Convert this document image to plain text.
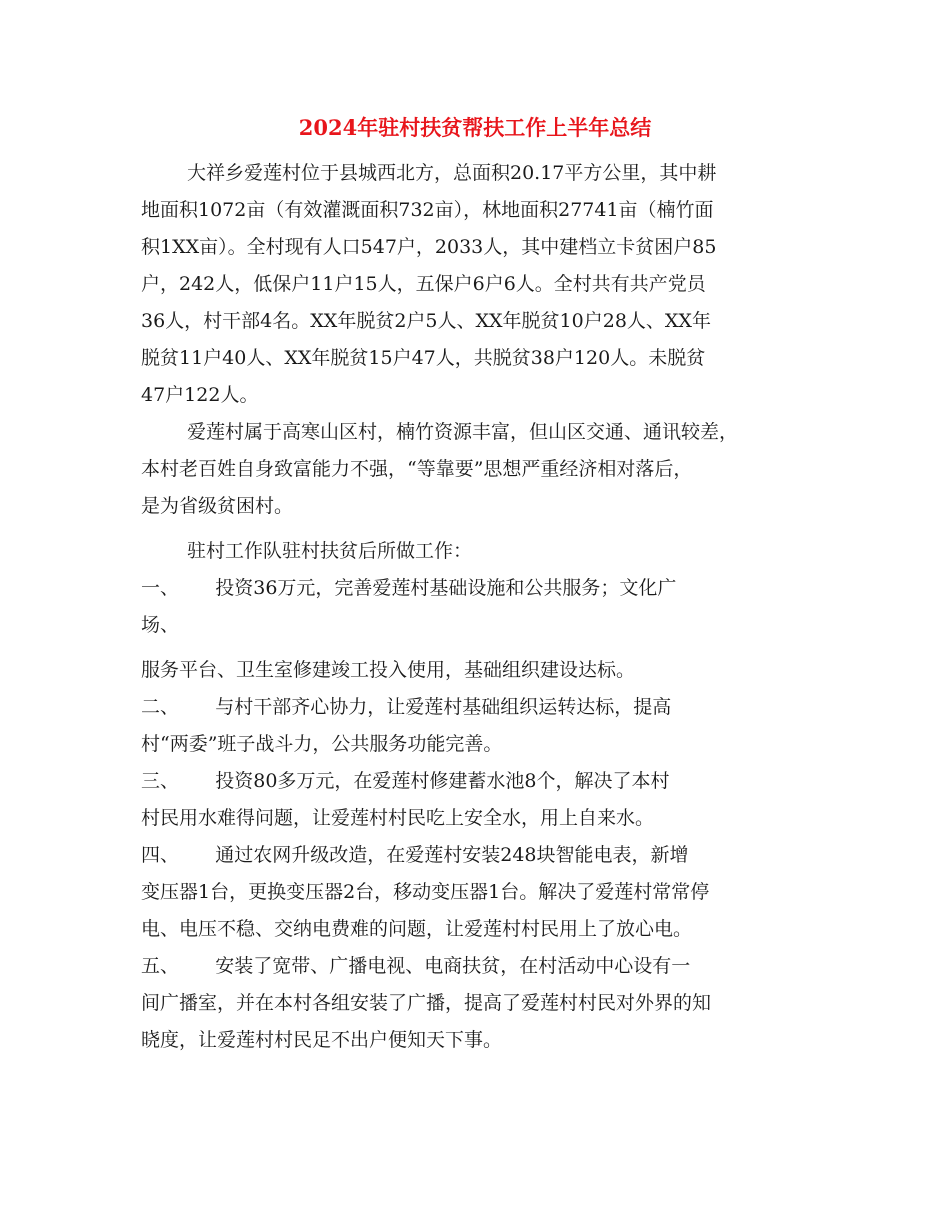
2024年驻村扶贫帮扶工作上半年总结

大祥乡爱莲村位于县城西北方，总面积20.17平方公里，其中耕

地面积1072亩（有效灌溉面积732亩），林地面积27741亩（楠竹面

积1XX亩）。全村现有人口547户，2033人，其中建档立卡贫困户85

户，242人，低保户11户15人，五保户6户6人。全村共有共产党员

36人，村干部4名。XX年脱贫2户5人、XX年脱贫10户28人、XX年

脱贫11户40人、XX年脱贫15户47人，共脱贫38户120人。未脱贫

47户122人。

爱莲村属于高寒山区村，楠竹资源丰富，但山区交通、通讯较差，

本村老百姓自身致富能力不强，“等靠要”思想严重经济相对落后，

是为省级贫困村。

驻村工作队驻村扶贫后所做工作：

一、      投资36万元，完善爱莲村基础设施和公共服务；文化广

场、

服务平台、卫生室修建竣工投入使用，基础组织建设达标。

二、      与村干部齐心协力，让爱莲村基础组织运转达标，提高

村“两委”班子战斗力，公共服务功能完善。

三、      投资80多万元，在爱莲村修建蓄水池8个，解决了本村

村民用水难得问题，让爱莲村村民吃上安全水，用上自来水。

四、      通过农网升级改造，在爱莲村安装248块智能电表，新增

变压器1台，更换变压器2台，移动变压器1台。解决了爱莲村常常停

电、电压不稳、交纳电费难的问题，让爱莲村村民用上了放心电。

五、      安装了宽带、广播电视、电商扶贫，在村活动中心设有一

间广播室，并在本村各组安装了广播，提高了爱莲村村民对外界的知

晓度，让爱莲村村民足不出户便知天下事。
